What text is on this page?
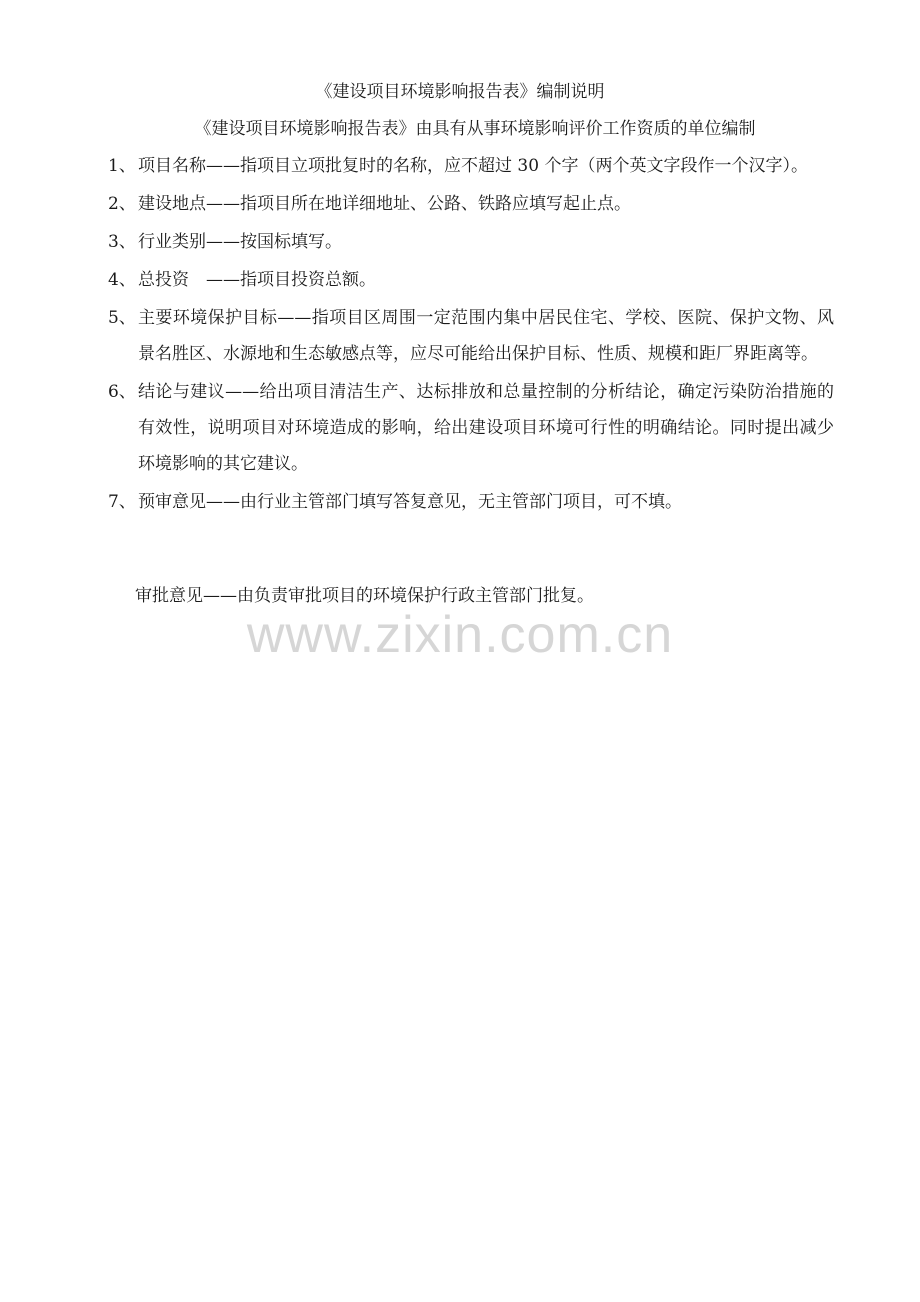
《建设项目环境影响报告表》编制说明
《建设项目环境影响报告表》由具有从事环境影响评价工作资质的单位编制
1、 项目名称——指项目立项批复时的名称，应不超过 30 个字（两个英文字段作一个汉字）。
2、 建设地点——指项目所在地详细地址、公路、铁路应填写起止点。
3、 行业类别——按国标填写。
4、 总投资　——指项目投资总额。
5、 主要环境保护目标——指项目区周围一定范围内集中居民住宅、学校、医院、保护文物、风景名胜区、水源地和生态敏感点等，应尽可能给出保护目标、性质、规模和距厂界距离等。
6、 结论与建议——给出项目清洁生产、达标排放和总量控制的分析结论，确定污染防治措施的有效性，说明项目对环境造成的影响，给出建设项目环境可行性的明确结论。同时提出减少环境影响的其它建议。
7、 预审意见——由行业主管部门填写答复意见，无主管部门项目，可不填。
审批意见——由负责审批项目的环境保护行政主管部门批复。
www.zixin.com.cn
